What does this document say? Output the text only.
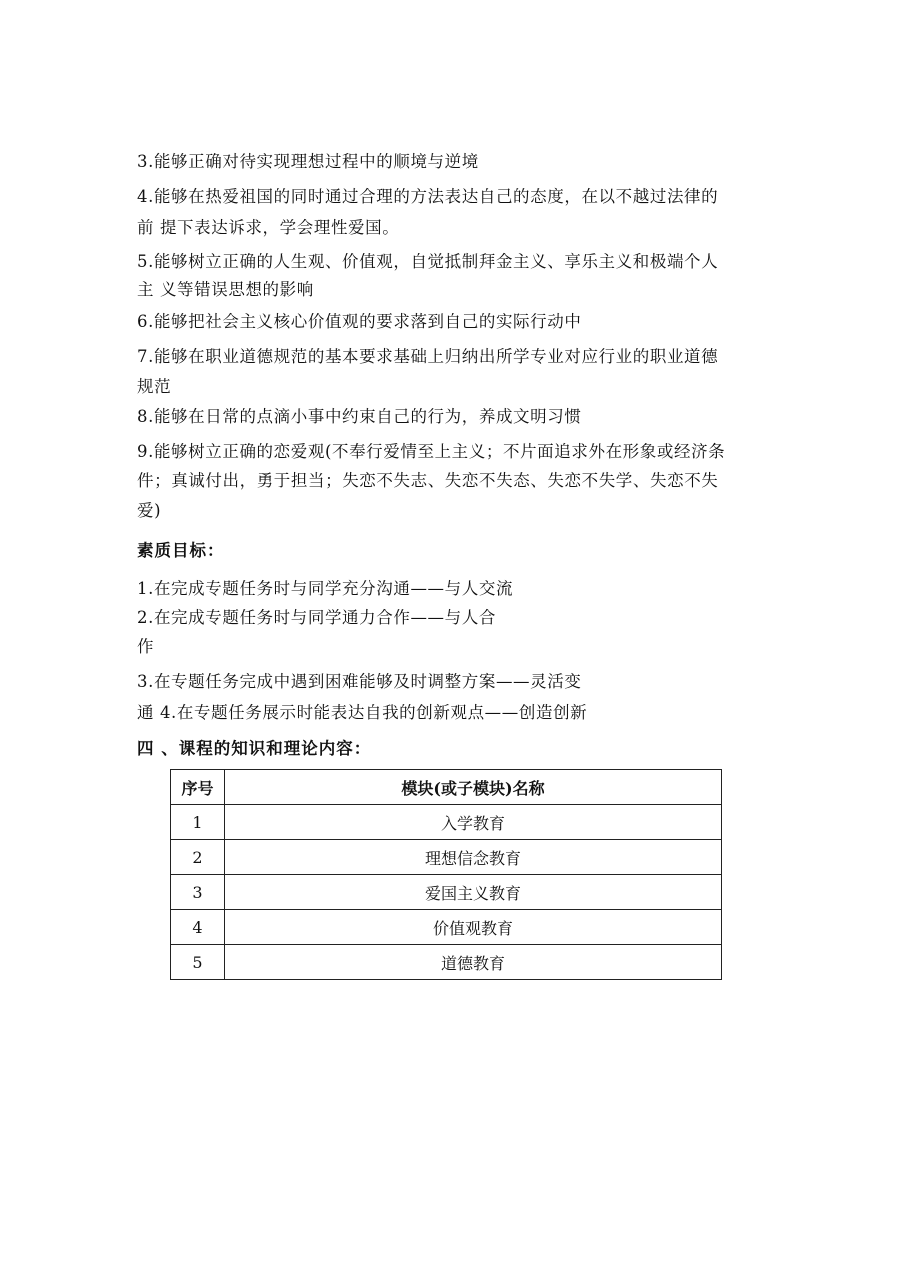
3.能够正确对待实现理想过程中的顺境与逆境
4.能够在热爱祖国的同时通过合理的方法表达自己的态度，在以不越过法律的
前 提下表达诉求，学会理性爱国。
5.能够树立正确的人生观、价值观，自觉抵制拜金主义、享乐主义和极端个人
主 义等错误思想的影响
6.能够把社会主义核心价值观的要求落到自己的实际行动中
7.能够在职业道德规范的基本要求基础上归纳出所学专业对应行业的职业道德
规范
8.能够在日常的点滴小事中约束自己的行为，养成文明习惯
9.能够树立正确的恋爱观(不奉行爱情至上主义；不片面追求外在形象或经济条
件；真诚付出，勇于担当；失恋不失志、失恋不失态、失恋不失学、失恋不失
爱)
素质目标：
1.在完成专题任务时与同学充分沟通——与人交流
2.在完成专题任务时与同学通力合作——与人合
作
3.在专题任务完成中遇到困难能够及时调整方案——灵活变
通 4.在专题任务展示时能表达自我的创新观点——创造创新
四 、课程的知识和理论内容：
序号	模块(或子模块)名称
1	入学教育
2	理想信念教育
3	爱国主义教育
4	价值观教育
5	道德教育
